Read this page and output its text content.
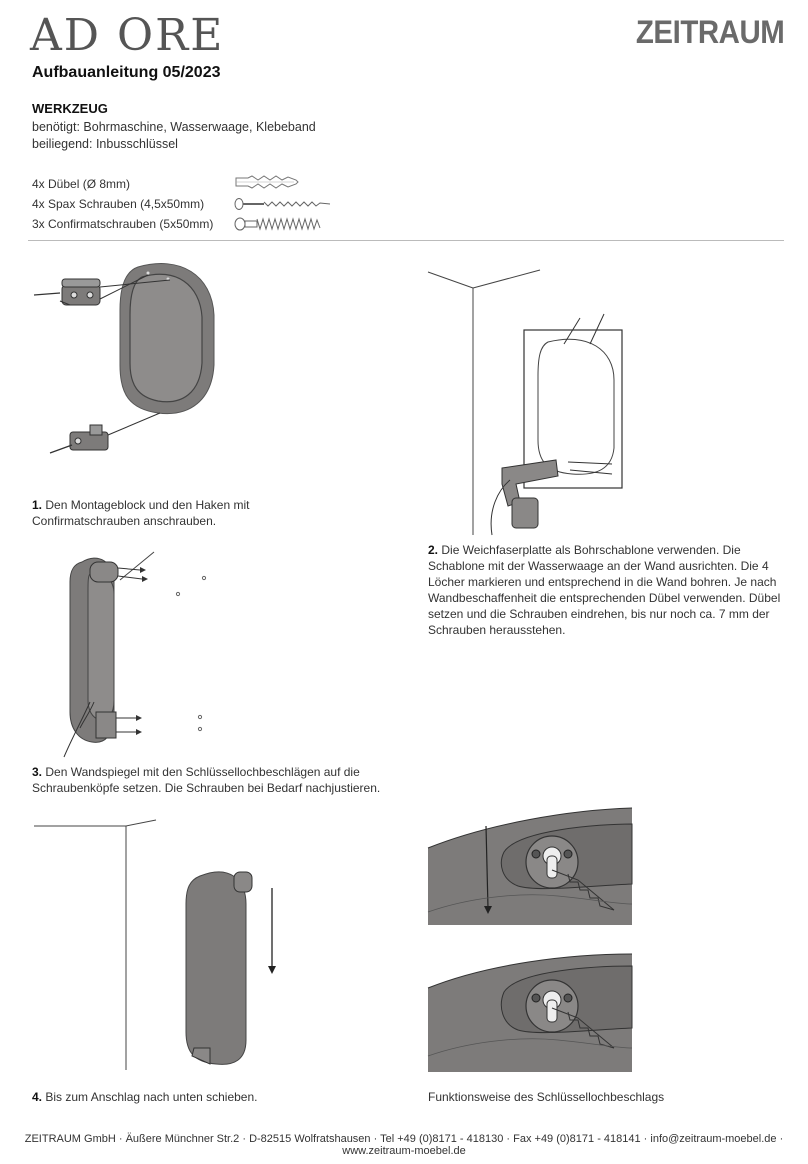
AD ORE	ZEITRAUM
Aufbauanleitung 05/2023
WERKZEUG
benötigt: Bohrmaschine, Wasserwaage, Klebeband
beiliegend: Inbusschlüssel
4x Dübel (Ø 8mm)
4x Spax Schrauben (4,5x50mm)
3x Confirmatschrauben (5x50mm)
1. Den Montageblock und den Haken mit Confirmatschrauben anschrauben.
2. Die Weichfaserplatte als Bohrschablone verwenden. Die Schablone mit der Wasserwaage an der Wand ausrichten. Die 4 Löcher markieren und entsprechend in die Wand bohren. Je nach Wandbeschaffenheit die entsprechenden Dübel verwenden. Dübel setzen und die Schrauben eindrehen, bis nur noch ca. 7 mm der Schrauben herausstehen.
3. Den Wandspiegel mit den Schlüssellochbeschlägen auf die Schraubenköpfe setzen. Die Schrauben bei Bedarf nachjustieren.
4. Bis zum Anschlag nach unten schieben.	Funktionsweise des Schlüssellochbeschlags
ZEITRAUM GmbH · Äußere Münchner Str.2 · D-82515 Wolfratshausen · Tel +49 (0)8171 - 418130 · Fax +49 (0)8171 - 418141 · info@zeitraum-moebel.de · www.zeitraum-moebel.de
